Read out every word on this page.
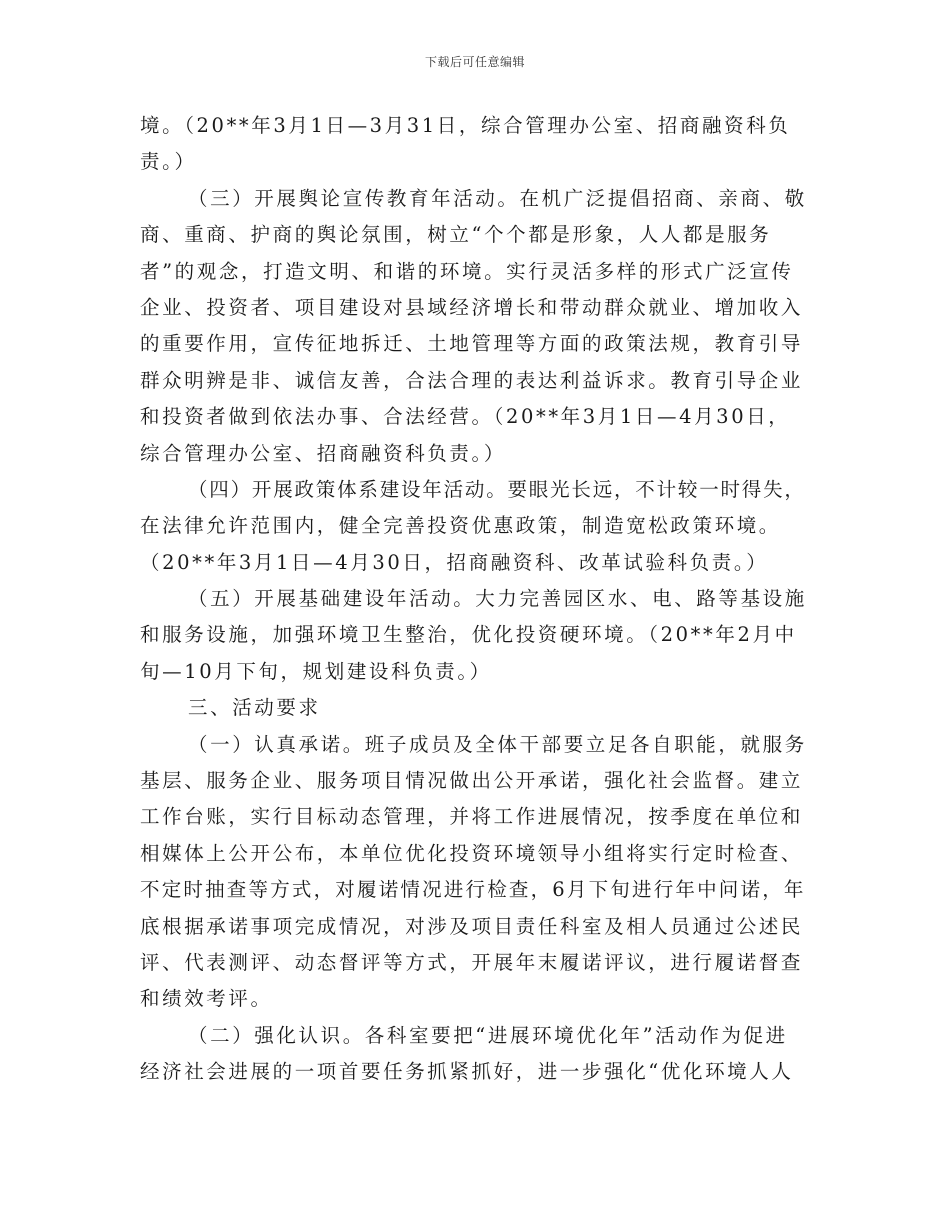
下载后可任意编辑
境。（20**年3月1日—3月31日，综合管理办公室、招商融资科负
责。）
（三）开展舆论宣传教育年活动。在机广泛提倡招商、亲商、敬
商、重商、护商的舆论氛围，树立“个个都是形象，人人都是服务
者”的观念，打造文明、和谐的环境。实行灵活多样的形式广泛宣传
企业、投资者、项目建设对县域经济增长和带动群众就业、增加收入
的重要作用，宣传征地拆迁、土地管理等方面的政策法规，教育引导
群众明辨是非、诚信友善，合法合理的表达利益诉求。教育引导企业
和投资者做到依法办事、合法经营。（20**年3月1日—4月30日，
综合管理办公室、招商融资科负责。）
（四）开展政策体系建设年活动。要眼光长远，不计较一时得失，
在法律允许范围内，健全完善投资优惠政策，制造宽松政策环境。
（20**年3月1日—4月30日，招商融资科、改革试验科负责。）
（五）开展基础建设年活动。大力完善园区水、电、路等基设施
和服务设施，加强环境卫生整治，优化投资硬环境。（20**年2月中
旬—10月下旬，规划建设科负责。）
三、活动要求
（一）认真承诺。班子成员及全体干部要立足各自职能，就服务
基层、服务企业、服务项目情况做出公开承诺，强化社会监督。建立
工作台账，实行目标动态管理，并将工作进展情况，按季度在单位和
相媒体上公开公布，本单位优化投资环境领导小组将实行定时检查、
不定时抽查等方式，对履诺情况进行检查，6月下旬进行年中问诺，年
底根据承诺事项完成情况，对涉及项目责任科室及相人员通过公述民
评、代表测评、动态督评等方式，开展年末履诺评议，进行履诺督查
和绩效考评。
（二）强化认识。各科室要把“进展环境优化年”活动作为促进
经济社会进展的一项首要任务抓紧抓好，进一步强化“优化环境人人
